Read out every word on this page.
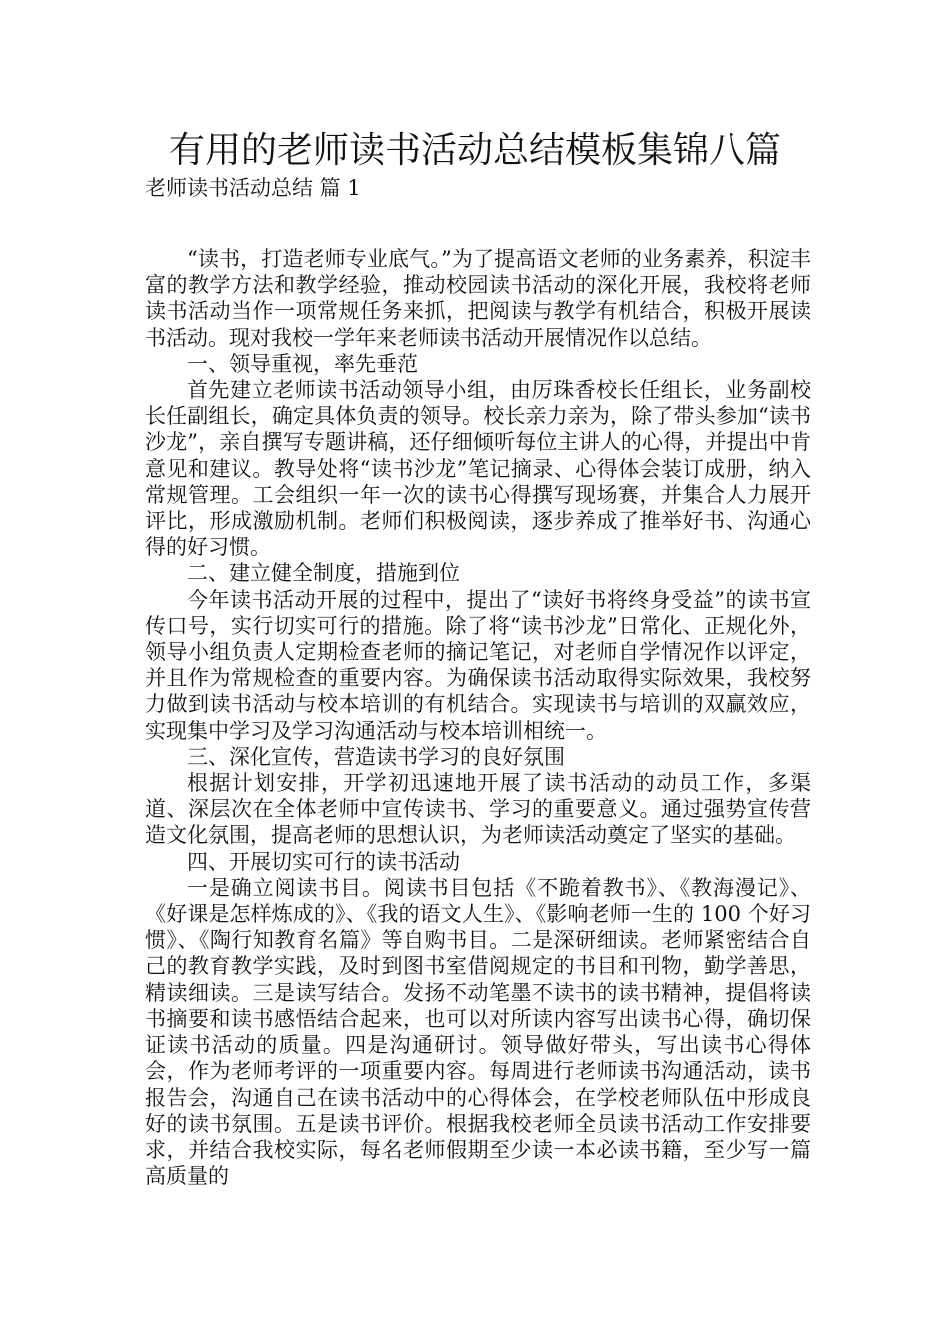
有用的老师读书活动总结模板集锦八篇
老师读书活动总结 篇 1

“读书，打造老师专业底气。”为了提高语文老师的业务素养，积淀丰富的教学方法和教学经验，推动校园读书活动的深化开展，我校将老师读书活动当作一项常规任务来抓，把阅读与教学有机结合，积极开展读书活动。现对我校一学年来老师读书活动开展情况作以总结。

一、领导重视，率先垂范

首先建立老师读书活动领导小组，由厉珠香校长任组长，业务副校长任副组长，确定具体负责的领导。校长亲力亲为，除了带头参加“读书沙龙”，亲自撰写专题讲稿，还仔细倾听每位主讲人的心得，并提出中肯意见和建议。教导处将“读书沙龙”笔记摘录、心得体会装订成册，纳入常规管理。工会组织一年一次的读书心得撰写现场赛，并集合人力展开评比，形成激励机制。老师们积极阅读，逐步养成了推举好书、沟通心得的好习惯。

二、建立健全制度，措施到位

今年读书活动开展的过程中，提出了“读好书将终身受益”的读书宣传口号，实行切实可行的措施。除了将“读书沙龙”日常化、正规化外，领导小组负责人定期检查老师的摘记笔记，对老师自学情况作以评定，并且作为常规检查的重要内容。为确保读书活动取得实际效果，我校努力做到读书活动与校本培训的有机结合。实现读书与培训的双赢效应，实现集中学习及学习沟通活动与校本培训相统一。

三、深化宣传，营造读书学习的良好氛围

根据计划安排，开学初迅速地开展了读书活动的动员工作，多渠道、深层次在全体老师中宣传读书、学习的重要意义。通过强势宣传营造文化氛围，提高老师的思想认识，为老师读活动奠定了坚实的基础。

四、开展切实可行的读书活动

一是确立阅读书目。阅读书目包括《不跪着教书》、《教海漫记》、《好课是怎样炼成的》、《我的语文人生》、《影响老师一生的 100 个好习惯》、《陶行知教育名篇》等自购书目。二是深研细读。老师紧密结合自己的教育教学实践，及时到图书室借阅规定的书目和刊物，勤学善思，精读细读。三是读写结合。发扬不动笔墨不读书的读书精神，提倡将读书摘要和读书感悟结合起来，也可以对所读内容写出读书心得，确切保证读书活动的质量。四是沟通研讨。领导做好带头，写出读书心得体会，作为老师考评的一项重要内容。每周进行老师读书沟通活动，读书报告会，沟通自己在读书活动中的心得体会，在学校老师队伍中形成良好的读书氛围。五是读书评价。根据我校老师全员读书活动工作安排要求，并结合我校实际，每名老师假期至少读一本必读书籍，至少写一篇高质量的
